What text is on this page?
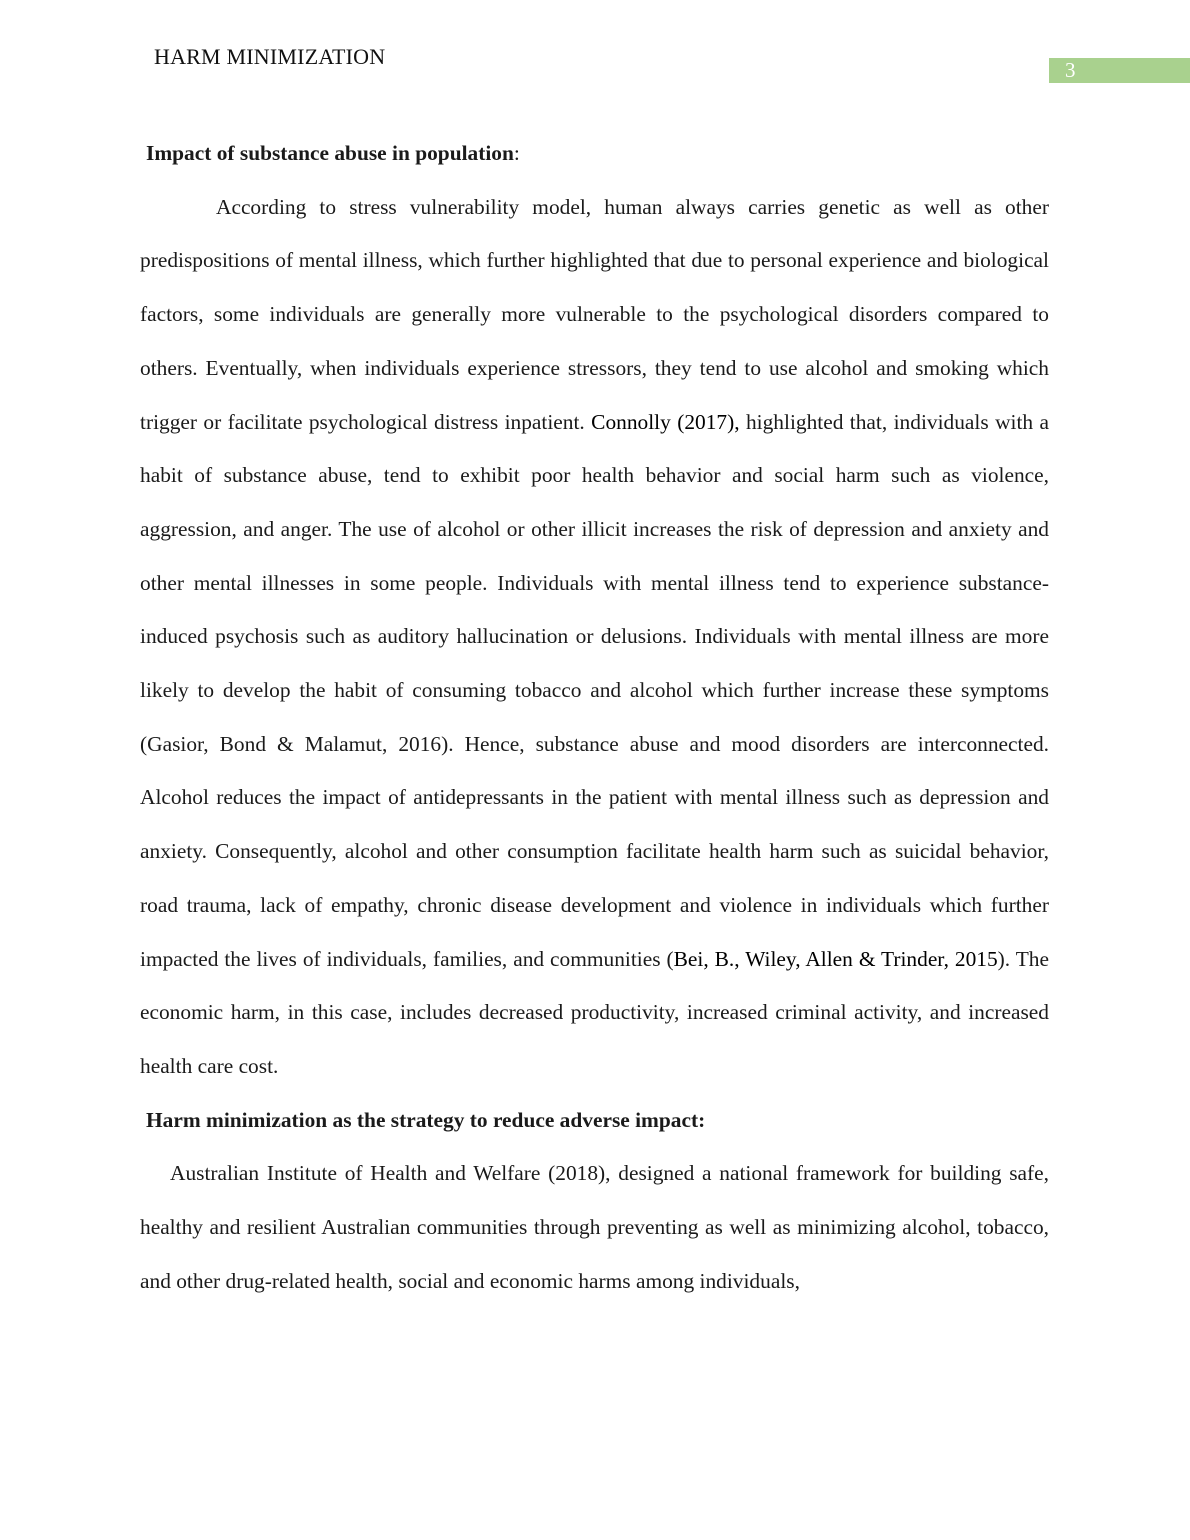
HARM MINIMIZATION
3
Impact of substance abuse in population:

According to stress vulnerability model, human always carries genetic as well as other predispositions of mental illness, which further highlighted that due to personal experience and biological factors, some individuals are generally more vulnerable to the psychological disorders compared to others. Eventually, when individuals experience stressors, they tend to use alcohol and smoking which trigger or facilitate psychological distress inpatient. Connolly (2017), highlighted that, individuals with a habit of substance abuse, tend to exhibit poor health behavior and social harm such as violence, aggression, and anger. The use of alcohol or other illicit increases the risk of depression and anxiety and other mental illnesses in some people. Individuals with mental illness tend to experience substance-induced psychosis such as auditory hallucination or delusions. Individuals with mental illness are more likely to develop the habit of consuming tobacco and alcohol which further increase these symptoms (Gasior, Bond & Malamut, 2016). Hence, substance abuse and mood disorders are interconnected. Alcohol reduces the impact of antidepressants in the patient with mental illness such as depression and anxiety. Consequently, alcohol and other consumption facilitate health harm such as suicidal behavior, road trauma, lack of empathy, chronic disease development and violence in individuals which further impacted the lives of individuals, families, and communities (Bei, B., Wiley, Allen & Trinder, 2015). The economic harm, in this case, includes decreased productivity, increased criminal activity, and increased health care cost.

Harm minimization as the strategy to reduce adverse impact:

Australian Institute of Health and Welfare (2018), designed a national framework for building safe, healthy and resilient Australian communities through preventing as well as minimizing alcohol, tobacco, and other drug-related health, social and economic harms among individuals,
